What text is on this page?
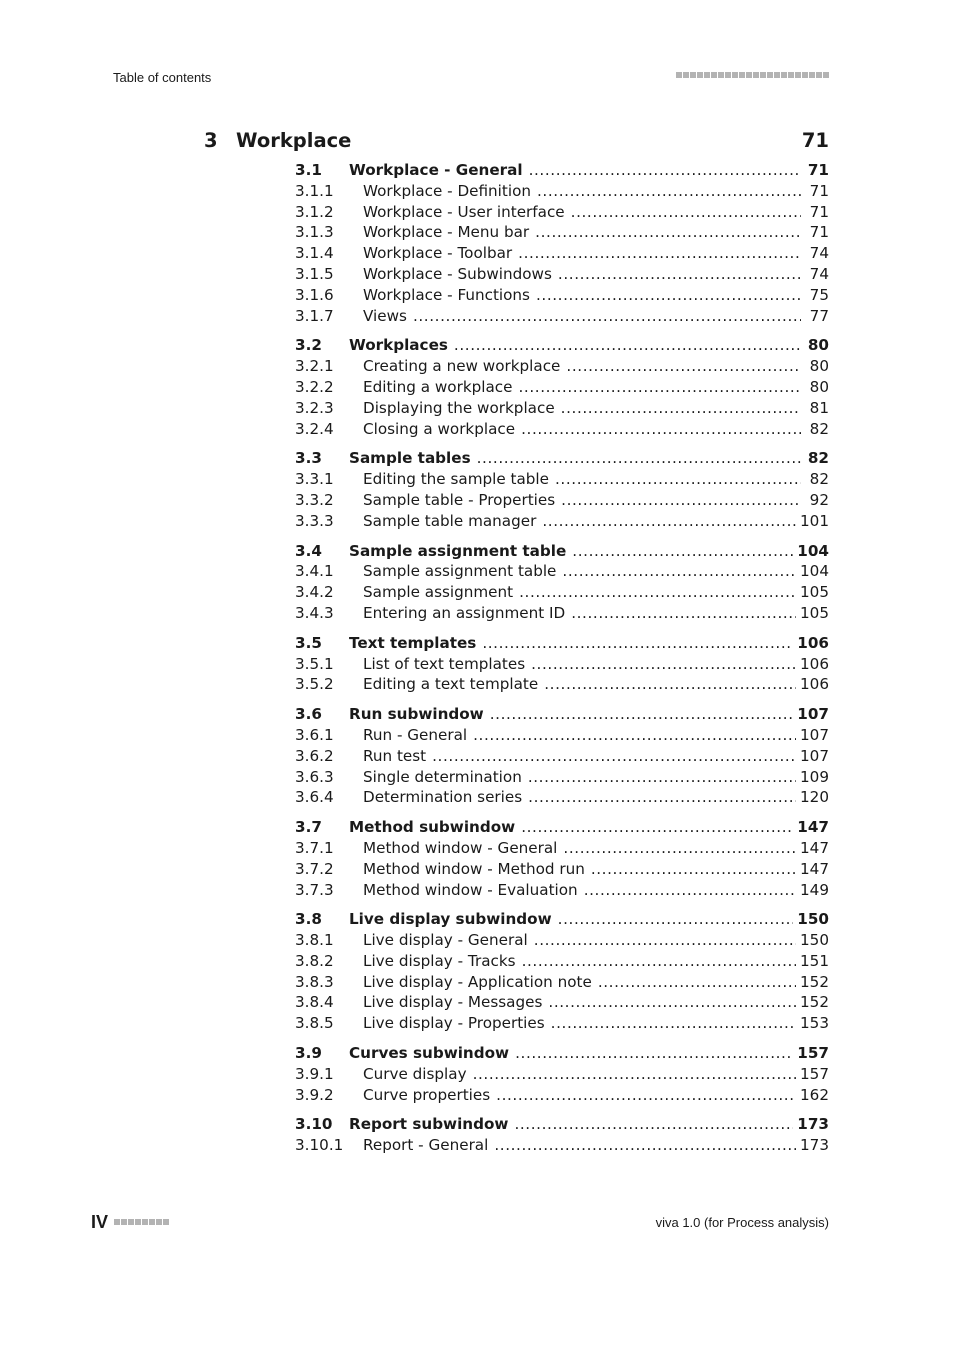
Table of contents
3 Workplace	71
3.1	Workplace - General .....	71
3.1.1	Workplace - Definition .....	71
3.1.2	Workplace - User interface .....	71
3.1.3	Workplace - Menu bar .....	71
3.1.4	Workplace - Toolbar .....	74
3.1.5	Workplace - Subwindows .....	74
3.1.6	Workplace - Functions .....	75
3.1.7	Views .....	77
3.2	Workplaces .....	80
3.2.1	Creating a new workplace .....	80
3.2.2	Editing a workplace .....	80
3.2.3	Displaying the workplace .....	81
3.2.4	Closing a workplace .....	82
3.3	Sample tables .....	82
3.3.1	Editing the sample table .....	82
3.3.2	Sample table - Properties .....	92
3.3.3	Sample table manager .....	101
3.4	Sample assignment table .....	104
3.4.1	Sample assignment table .....	104
3.4.2	Sample assignment .....	105
3.4.3	Entering an assignment ID .....	105
3.5	Text templates .....	106
3.5.1	List of text templates .....	106
3.5.2	Editing a text template .....	106
3.6	Run subwindow .....	107
3.6.1	Run - General .....	107
3.6.2	Run test .....	107
3.6.3	Single determination .....	109
3.6.4	Determination series .....	120
3.7	Method subwindow .....	147
3.7.1	Method window - General .....	147
3.7.2	Method window - Method run .....	147
3.7.3	Method window - Evaluation .....	149
3.8	Live display subwindow .....	150
3.8.1	Live display - General .....	150
3.8.2	Live display - Tracks .....	151
3.8.3	Live display - Application note .....	152
3.8.4	Live display - Messages .....	152
3.8.5	Live display - Properties .....	153
3.9	Curves subwindow .....	157
3.9.1	Curve display .....	157
3.9.2	Curve properties .....	162
3.10	Report subwindow .....	173
3.10.1	Report - General .....	173
IV	viva 1.0 (for Process analysis)
